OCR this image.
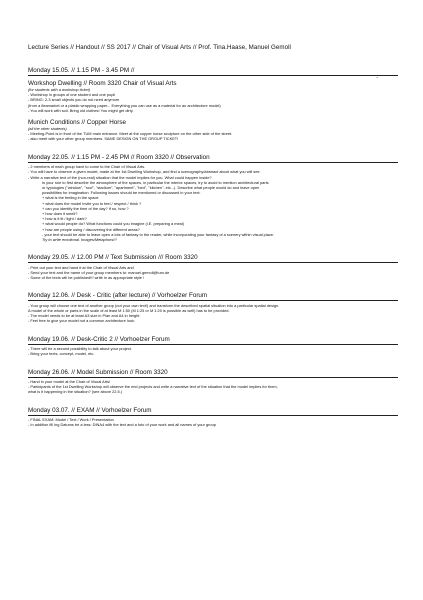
Lecture Series // Handout // SS 2017 // Chair of Visual Arts // Prof. Tina.Haase, Manuel Gemoll
Monday 15.05. // 1.15 PM - 3.45 PM //
Workshop Dwelling // Room 3320 Chair of Visual Arts
-
(for students with a workshop ticket)
- Workshop in groups of one student and one pupil
- BRING: 2-3 small objects you do not need anymore
(from a fleamarket or a plastic wrapping paper... Everything you can use as a material for an architecture model)
- You will work with soil. Bring old clothes! You might get dirty.
Munich Conditions // Copper Horse
(all the other students)
- Meeting-Point is in front of the TUM main entrance. Meet at the copper horse sculpture on the other side of the street.
- also meet with your other group members. SAME DESIGN ON THE GROUP TICKET!
Monday 22.05. // 1.15 PM - 2.45 PM // Room 3320 // Observation
- 2 members of each group have to come to the Chair of Visual Arts.
- You will have to observe a given model, made at the 1st Dwelling Workshop, and find a scenography/abstract about what you will see.
- Write a narrative text of the (non-real) situation that the model implies for you. What could happen inside?
Is your role to first describe the atmosphere of the spaces, in particular the interior spaces, try to avoid to mention architectural parts
or typologies ("window", "roof", "stadium", "apartment", "bed", "kitchen", etc...). Describe what people would do and leave open
possibilities for imagination. Following issues should be mentioned or discussed in your text:
+ what is the feeling in the space
+ what does the model invite you to feel / respect / think ?
+ can you identify the time of the day? If so, how ?
+ how does it smell?
+ how is it lit / light / dark?
+ what would people do? What functions could you imagine (i.E. preparing a meal)
+ how are people using / discovering the different areas?
- your text should be able to leave open a lots of fantasy to the reader, while incorporating your fantasy of a scenery within visual place.
Try to write emotional. Images/Metaphors!!!
Monday 29.05. // 12.00 PM // Text Submission /// Room 3320
- Print out your text and hand it at the Chair of Visual Arts and
- Send your text and the name of your group members to: manuel.gemoll@tum.de
- Some of the texts will be published!!! write in as appropriate style !
Monday 12.06. // Desk - Critic (after lecture) // Vorhoelzer Forum
- Your group will choose one text of another group (not your own text!) and transform the described spatial situation into a particular spatial design.
A model of the whole or parts in the scale of at least M 1:50 (M 1:25 or M 1:20 is possible as well) has to be provided.
- The model needs to be at least A3 size in Plan and A4 in height.
- Feel free to give your model not a common architecture look.
Monday 19.06. // Desk-Critic 2 // Vorhoelzer Forum
- There will be a second possibility to talk about your project.
- Bring your texts, concept, model, etc.
Monday 26.06. // Model Submission // Room 3320
- Hand in your model at the Chair of Visual Arts!
- Participants of the 1st Dwelling Workshop will observe the end projects and write a narrative text of the situation that the model implies for them,
what is it happening in the situation? (see above 22.5.)
Monday 03.07. // EXAM // Vorhoelzer Forum
- FINAL EXAM: Model / Text / Work / Presentation
- In addition fill ing Datums be a less: DINA4 with the text and a foto of your work and all names of your group
